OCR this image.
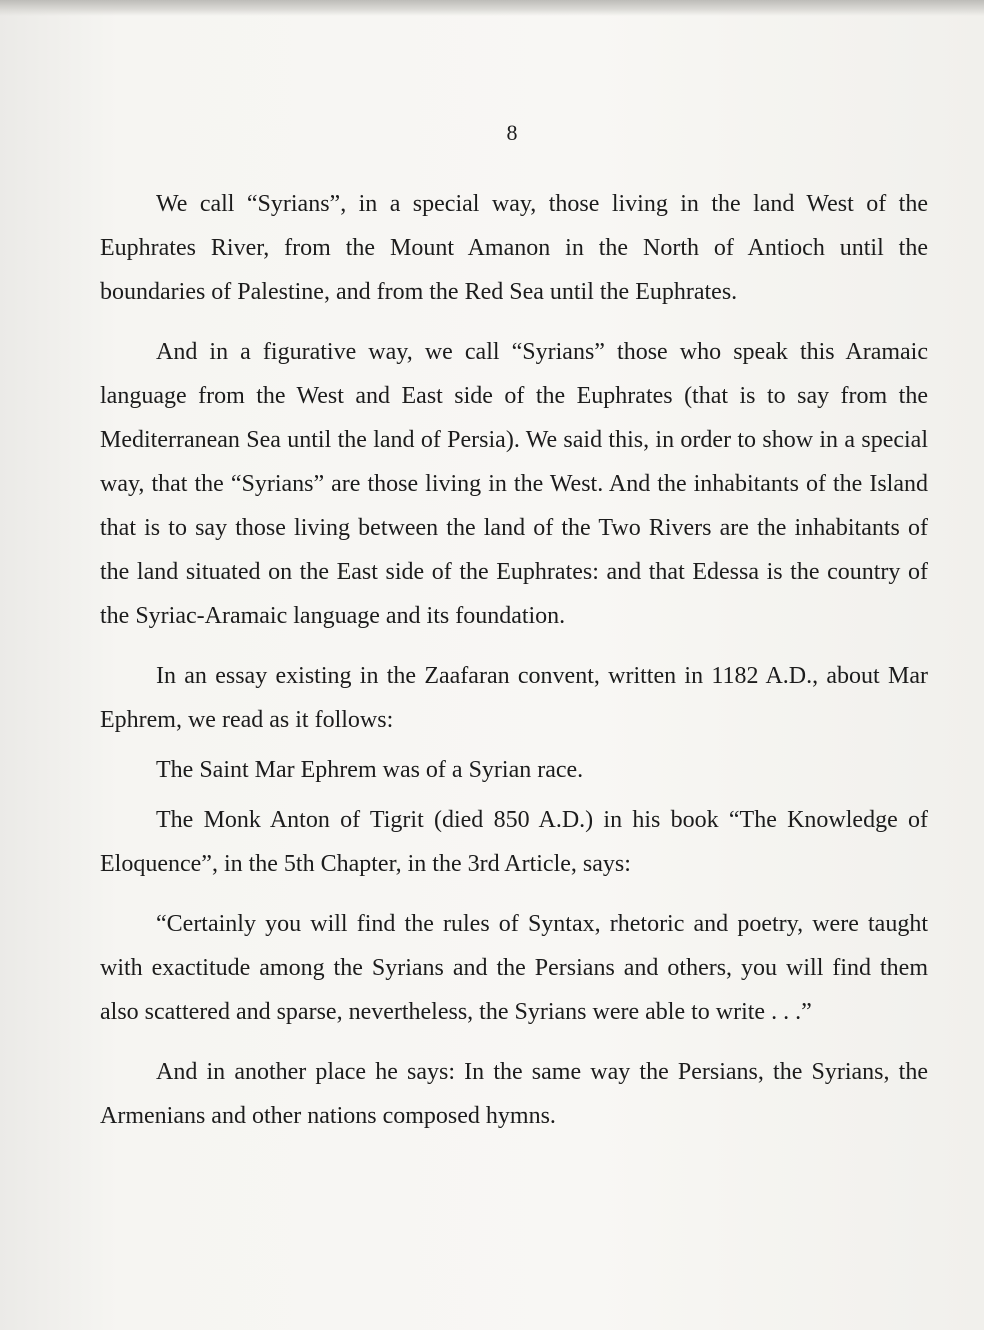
8

We call “Syrians”, in a special way, those living in the land West of the Euphrates River, from the Mount Amanon in the North of Antioch until the boundaries of Palestine, and from the Red Sea until the Euphrates.

And in a figurative way, we call “Syrians” those who speak this Aramaic language from the West and East side of the Euphrates (that is to say from the Mediterranean Sea until the land of Persia). We said this, in order to show in a special way, that the “Syrians” are those living in the West. And the inhabitants of the Island that is to say those living between the land of the Two Rivers are the inhabitants of the land situated on the East side of the Euphrates: and that Edessa is the country of the Syriac-Aramaic language and its foundation.

In an essay existing in the Zaafaran convent, written in 1182 A.D., about Mar Ephrem, we read as it follows:

The Saint Mar Ephrem was of a Syrian race.

The Monk Anton of Tigrit (died 850 A.D.) in his book “The Knowledge of Eloquence”, in the 5th Chapter, in the 3rd Article, says:

“Certainly you will find the rules of Syntax, rhetoric and poetry, were taught with exactitude among the Syrians and the Persians and others, you will find them also scattered and sparse, nevertheless, the Syrians were able to write . . .”

And in another place he says: In the same way the Persians, the Syrians, the Armenians and other nations composed hymns.
